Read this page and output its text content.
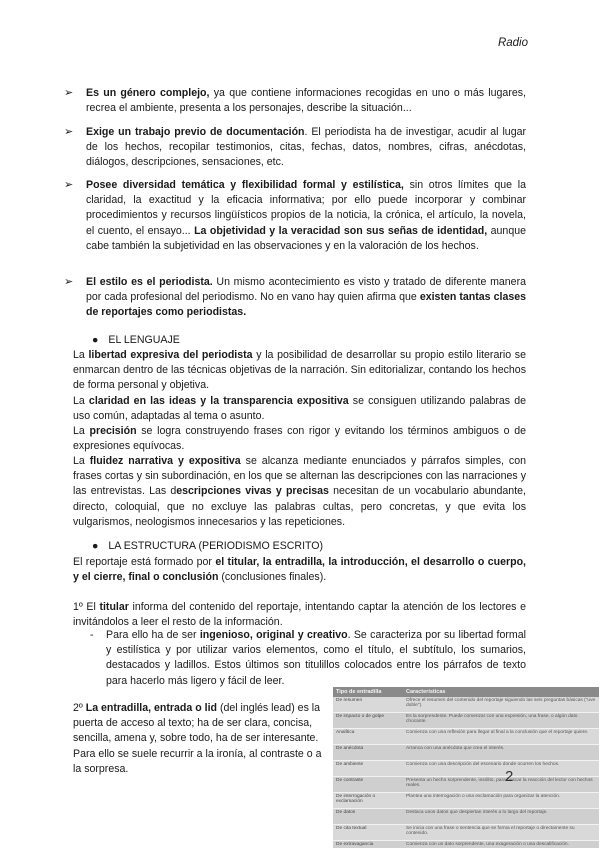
Radio
➢ Es un género complejo, ya que contiene informaciones recogidas en uno o más lugares, recrea el ambiente, presenta a los personajes, describe la situación...
➢ Exige un trabajo previo de documentación. El periodista ha de investigar, acudir al lugar de los hechos, recopilar testimonios, citas, fechas, datos, nombres, cifras, anécdotas, diálogos, descripciones, sensaciones, etc.
➢ Posee diversidad temática y flexibilidad formal y estilística, sin otros límites que la claridad, la exactitud y la eficacia informativa; por ello puede incorporar y combinar procedimientos y recursos lingüísticos propios de la noticia, la crónica, el artículo, la novela, el cuento, el ensayo... La objetividad y la veracidad son sus señas de identidad, aunque cabe también la subjetividad en las observaciones y en la valoración de los hechos.
➢ El estilo es el periodista. Un mismo acontecimiento es visto y tratado de diferente manera por cada profesional del periodismo. No en vano hay quien afirma que existen tantas clases de reportajes como periodistas.
● EL LENGUAJE
La libertad expresiva del periodista y la posibilidad de desarrollar su propio estilo literario se enmarcan dentro de las técnicas objetivas de la narración. Sin editorializar, contando los hechos de forma personal y objetiva.
La claridad en las ideas y la transparencia expositiva se consiguen utilizando palabras de uso común, adaptadas al tema o asunto.
La precisión se logra construyendo frases con rigor y evitando los términos ambiguos o de expresiones equívocas.
La fluidez narrativa y expositiva se alcanza mediante enunciados y párrafos simples, con frases cortas y sin subordinación, en los que se alternan las descripciones con las narraciones y las entrevistas. Las descripciones vivas y precisas necesitan de un vocabulario abundante, directo, coloquial, que no excluye las palabras cultas, pero concretas, y que evita los vulgarismos, neologismos innecesarios y las repeticiones.
● LA ESTRUCTURA (PERIODISMO ESCRITO)
El reportaje está formado por el titular, la entradilla, la introducción, el desarrollo o cuerpo, y el cierre, final o conclusión (conclusiones finales).
1º El titular informa del contenido del reportaje, intentando captar la atención de los lectores e invitándolos a leer el resto de la información.
- Para ello ha de ser ingenioso, original y creativo. Se caracteriza por su libertad formal y estilística y por utilizar varios elementos, como el título, el subtítulo, los sumarios, destacados y ladillos. Estos últimos son titulillos colocados entre los párrafos de texto para hacerlo más ligero y fácil de leer.
2º La entradilla, entrada o lid (del inglés lead) es la puerta de acceso al texto; ha de ser clara, concisa, sencilla, amena y, sobre todo, ha de ser interesante. Para ello se suele recurrir a la ironía, al contraste o a la sorpresa.
Tipo de entradilla	Características
De resumen	Ofrece el resumen del contenido del reportaje siguiendo las seis preguntas básicas ("uve doble").
De impacto o de golpe	Es la sorprendente. Puede comenzar con una expresión, una frase, o algún dato chocante.
Analítica	Comienza con una reflexión para llegar al final a la conclusión que el reportaje quiere.
De anécdota	Arranca con una anécdota que crea el interés.
De ambiente	Comienza con una descripción del escenario donde ocurren los hechos.
De contraste	Presenta un hecho sorprendente, insólito, para buscar la reacción del lector con hechos reales.
De interrogación o exclamación	Plantea una interrogación o una exclamación para organizar la atención.
De datos	Destaca unos datos que despiertan interés a lo largo del reportaje.
De cita textual	Se inicia con una frase o sentencia que se forma el reportaje o directamente su contenido.
De extravagancia	Comienza con un dato sorprendente, una exageración o una descalificación.
2
